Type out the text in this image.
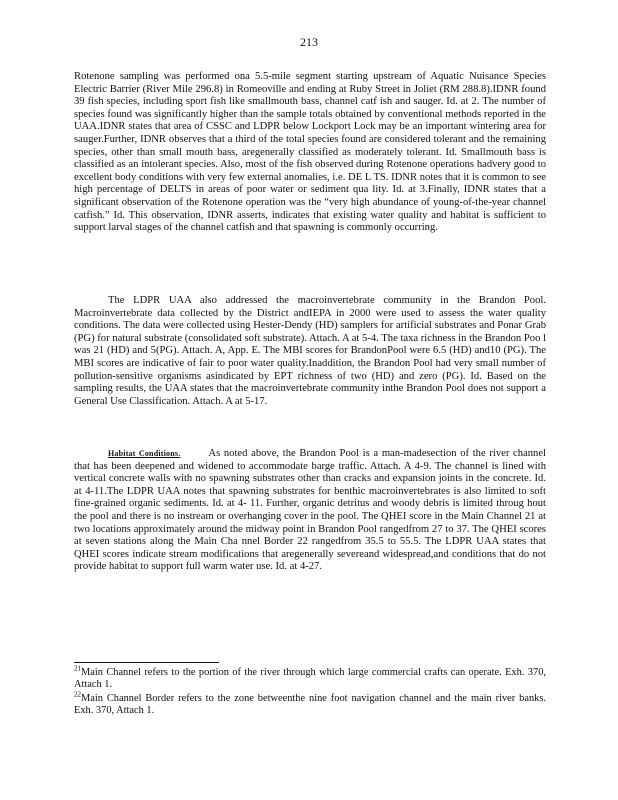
213

Rotenone sampling was performed ona 5.5-mile segment starting upstream of Aquatic Nuisance Species Electric Barrier (River Mile 296.8) in Romeoville and ending at Ruby Street in Joliet (RM 288.8).IDNR found 39 fish species, including sport fish like smallmouth bass, channel catf ish and sauger. Id. at 2. The number of species found was significantly higher than the sample totals obtained by conventional methods reported in the UAA.IDNR states that area of CSSC and LDPR below Lockport Lock may be an important wintering area for sauger.Further, IDNR observes that a third of the total species found are considered tolerant and the remaining species, other than small mouth bass, aregenerally classified as moderately tolerant. Id. Smallmouth bass is classified as an intolerant species. Also, most of the fish observed during Rotenone operations hadvery good to excellent body conditions with very few external anomalies, i.e. DE L TS. IDNR notes that it is common to see high percentage of DELTS in areas of poor water or sediment qua lity. Id. at 3.Finally, IDNR states that a significant observation of the Rotenone operation was the “very high abundance of young-of-the-year channel catfish.” Id. This observation, IDNR asserts, indicates that existing water quality and habitat is sufficient to support larval stages of the channel catfish and that spawning is commonly occurring.

The LDPR UAA also addressed the macroinvertebrate community in the Brandon Pool. Macroinvertebrate data collected by the District andIEPA in 2000 were used to assess the water quality conditions. The data were collected using Hester-Dendy (HD) samplers for artificial substrates and Ponar Grab (PG) for natural substrate (consolidated soft substrate). Attach. A at 5-4. The taxa richness in the Brandon Poo l was 21 (HD) and 5(PG). Attach. A, App. E. The MBI scores for BrandonPool were 6.5 (HD) and10 (PG). The MBI scores are indicative of fair to poor water quality.Inaddition, the Brandon Pool had very small number of pollution-sensitive organisms asindicated by EPT richness of two (HD) and zero (PG). Id. Based on the sampling results, the UAA states that the macroinvertebrate community inthe Brandon Pool does not support a General Use Classification. Attach. A at 5-17.

Habitat Conditions.	As noted above, the Brandon Pool is a man-madesection of the river channel that has been deepened and widened to accommodate barge traffic. Attach. A 4-9. The channel is lined with vertical concrete walls with no spawning substrates other than cracks and expansion joints in the concrete. Id. at 4-11.The LDPR UAA notes that spawning substrates for benthic macroinvertebrates is also limited to soft fine-grained organic sediments. Id. at 4- 11. Further, organic detritus and woody debris is limited throug hout the pool and there is no instream or overhanging cover in the pool. The QHEI score in the Main Channel 21 at two locations approximately around the midway point in Brandon Pool rangedfrom 27 to 37. The QHEI scores at seven stations along the Main Cha nnel Border 22 rangedfrom 35.5 to 55.5. The LDPR UAA states that QHEI scores indicate stream modifications that aregenerally severeand widespread,and conditions that do not provide habitat to support full warm water use. Id. at 4-27.

$^{21}$Main Channel refers to the portion of the river through which large commercial crafts can operate. Exh. 370, Attach 1.

$^{22}$Main Channel Border refers to the zone betweenthe nine foot navigation channel and the main river banks. Exh. 370, Attach 1.
